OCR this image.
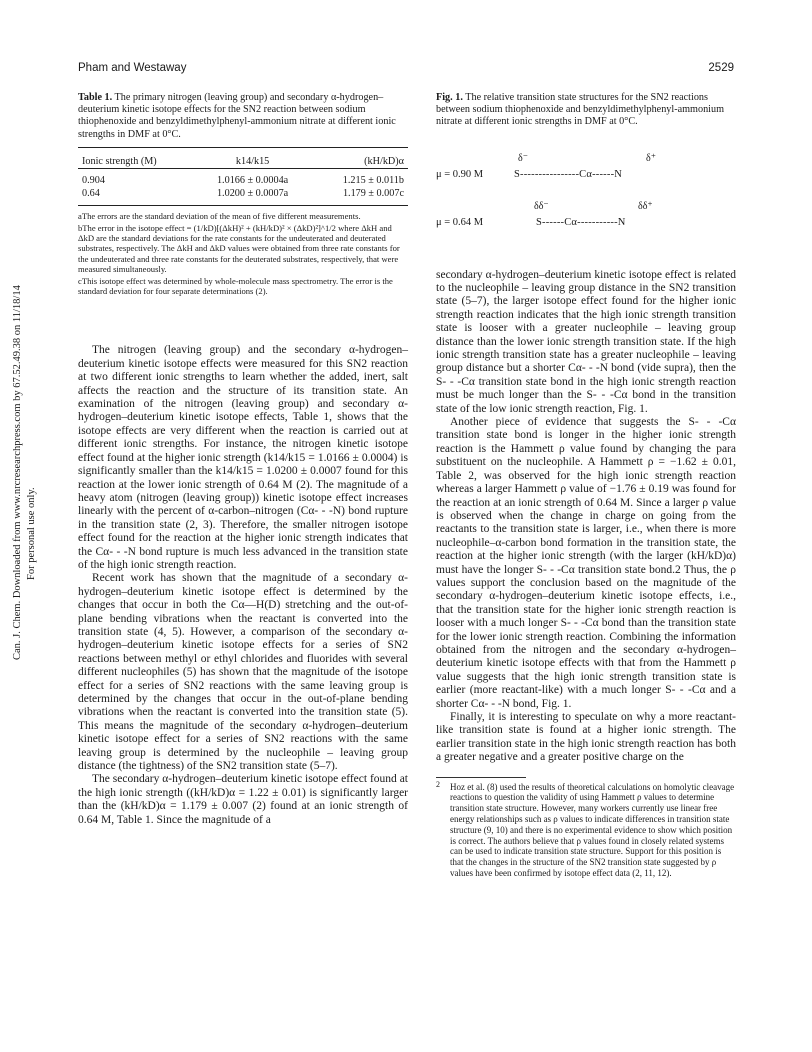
Pham and Westaway	2529
Can. J. Chem. Downloaded from www.nrcresearchpress.com by 67.52.49.38 on 11/18/14 For personal use only.
Table 1. The primary nitrogen (leaving group) and secondary α-hydrogen–deuterium kinetic isotope effects for the SN2 reaction between sodium thiophenoxide and benzyldimethylphenyl-ammonium nitrate at different ionic strengths in DMF at 0°C.
Ionic strength (M)	k14/k15	(kH/kD)α
0.904	1.0166 ± 0.0004a	1.215 ± 0.011b
0.64	1.0200 ± 0.0007a	1.179 ± 0.007c

aThe errors are the standard deviation of the mean of five different measurements.

bThe error in the isotope effect = (1/kD)[(ΔkH)² + (kH/kD)² × (ΔkD)²]^1/2 where ΔkH and ΔkD are the standard deviations for the rate constants for the undeuterated and deuterated substrates, respectively. The ΔkH and ΔkD values were obtained from three rate constants for the undeuterated and three rate constants for the deuterated substrates, respectively, that were measured simultaneously.

cThis isotope effect was determined by whole-molecule mass spectrometry. The error is the standard deviation for four separate determinations (2).

The nitrogen (leaving group) and the secondary α-hydrogen–deuterium kinetic isotope effects were measured for this SN2 reaction at two different ionic strengths to learn whether the added, inert, salt affects the reaction and the structure of its transition state. An examination of the nitrogen (leaving group) and secondary α-hydrogen–deuterium kinetic isotope effects, Table 1, shows that the isotope effects are very different when the reaction is carried out at different ionic strengths. For instance, the nitrogen kinetic isotope effect found at the higher ionic strength (k14/k15 = 1.0166 ± 0.0004) is significantly smaller than the k14/k15 = 1.0200 ± 0.0007 found for this reaction at the lower ionic strength of 0.64 M (2). The magnitude of a heavy atom (nitrogen (leaving group)) kinetic isotope effect increases linearly with the percent of α-carbon–nitrogen (Cα- - -N) bond rupture in the transition state (2, 3). Therefore, the smaller nitrogen isotope effect found for the reaction at the higher ionic strength indicates that the Cα- - -N bond rupture is much less advanced in the transition state of the high ionic strength reaction.

Recent work has shown that the magnitude of a secondary α-hydrogen–deuterium kinetic isotope effect is determined by the changes that occur in both the Cα—H(D) stretching and the out-of-plane bending vibrations when the reactant is converted into the transition state (4, 5). However, a comparison of the secondary α-hydrogen–deuterium kinetic isotope effects for a series of SN2 reactions between methyl or ethyl chlorides and fluorides with several different nucleophiles (5) has shown that the magnitude of the isotope effect for a series of SN2 reactions with the same leaving group is determined by the changes that occur in the out-of-plane bending vibrations when the reactant is converted into the transition state (5). This means the magnitude of the secondary α-hydrogen–deuterium kinetic isotope effect for a series of SN2 reactions with the same leaving group is determined by the nucleophile – leaving group distance (the tightness) of the SN2 transition state (5–7).

The secondary α-hydrogen–deuterium kinetic isotope effect found at the high ionic strength ((kH/kD)α = 1.22 ± 0.01) is significantly larger than the (kH/kD)α = 1.179 ± 0.007 (2) found at an ionic strength of 0.64 M, Table 1. Since the magnitude of a

Fig. 1. The relative transition state structures for the SN2 reactions between sodium thiophenoxide and benzyldimethylphenyl-ammonium nitrate at different ionic strengths in DMF at 0°C.
δ⁻	δ⁺
μ = 0.90 M	S----------------Cα------N
δδ⁻	δδ⁺
μ = 0.64 M	S------Cα-----------N

secondary α-hydrogen–deuterium kinetic isotope effect is related to the nucleophile – leaving group distance in the SN2 transition state (5–7), the larger isotope effect found for the higher ionic strength reaction indicates that the high ionic strength transition state is looser with a greater nucleophile – leaving group distance than the lower ionic strength transition state. If the high ionic strength transition state has a greater nucleophile – leaving group distance but a shorter Cα- - -N bond (vide supra), then the S- - -Cα transition state bond in the high ionic strength reaction must be much longer than the S- - -Cα bond in the transition state of the low ionic strength reaction, Fig. 1.

Another piece of evidence that suggests the S- - -Cα transition state bond is longer in the higher ionic strength reaction is the Hammett ρ value found by changing the para substituent on the nucleophile. A Hammett ρ = −1.62 ± 0.01, Table 2, was observed for the high ionic strength reaction whereas a larger Hammett ρ value of −1.76 ± 0.19 was found for the reaction at an ionic strength of 0.64 M. Since a larger ρ value is observed when the change in charge on going from the reactants to the transition state is larger, i.e., when there is more nucleophile–α-carbon bond formation in the transition state, the reaction at the higher ionic strength (with the larger (kH/kD)α) must have the longer S- - -Cα transition state bond.2 Thus, the ρ values support the conclusion based on the magnitude of the secondary α-hydrogen–deuterium kinetic isotope effects, i.e., that the transition state for the higher ionic strength reaction is looser with a much longer S- - -Cα bond than the transition state for the lower ionic strength reaction. Combining the information obtained from the nitrogen and the secondary α-hydrogen–deuterium kinetic isotope effects with that from the Hammett ρ value suggests that the high ionic strength transition state is earlier (more reactant-like) with a much longer S- - -Cα and a shorter Cα- - -N bond, Fig. 1.

Finally, it is interesting to speculate on why a more reactant-like transition state is found at a higher ionic strength. The earlier transition state in the high ionic strength reaction has both a greater negative and a greater positive charge on the

2 Hoz et al. (8) used the results of theoretical calculations on homolytic cleavage reactions to question the validity of using Hammett ρ values to determine transition state structure. However, many workers currently use linear free energy relationships such as ρ values to indicate differences in transition state structure (9, 10) and there is no experimental evidence to show which position is correct. The authors believe that ρ values found in closely related systems can be used to indicate transition state structure. Support for this position is that the changes in the structure of the SN2 transition state suggested by ρ values have been confirmed by isotope effect data (2, 11, 12).
